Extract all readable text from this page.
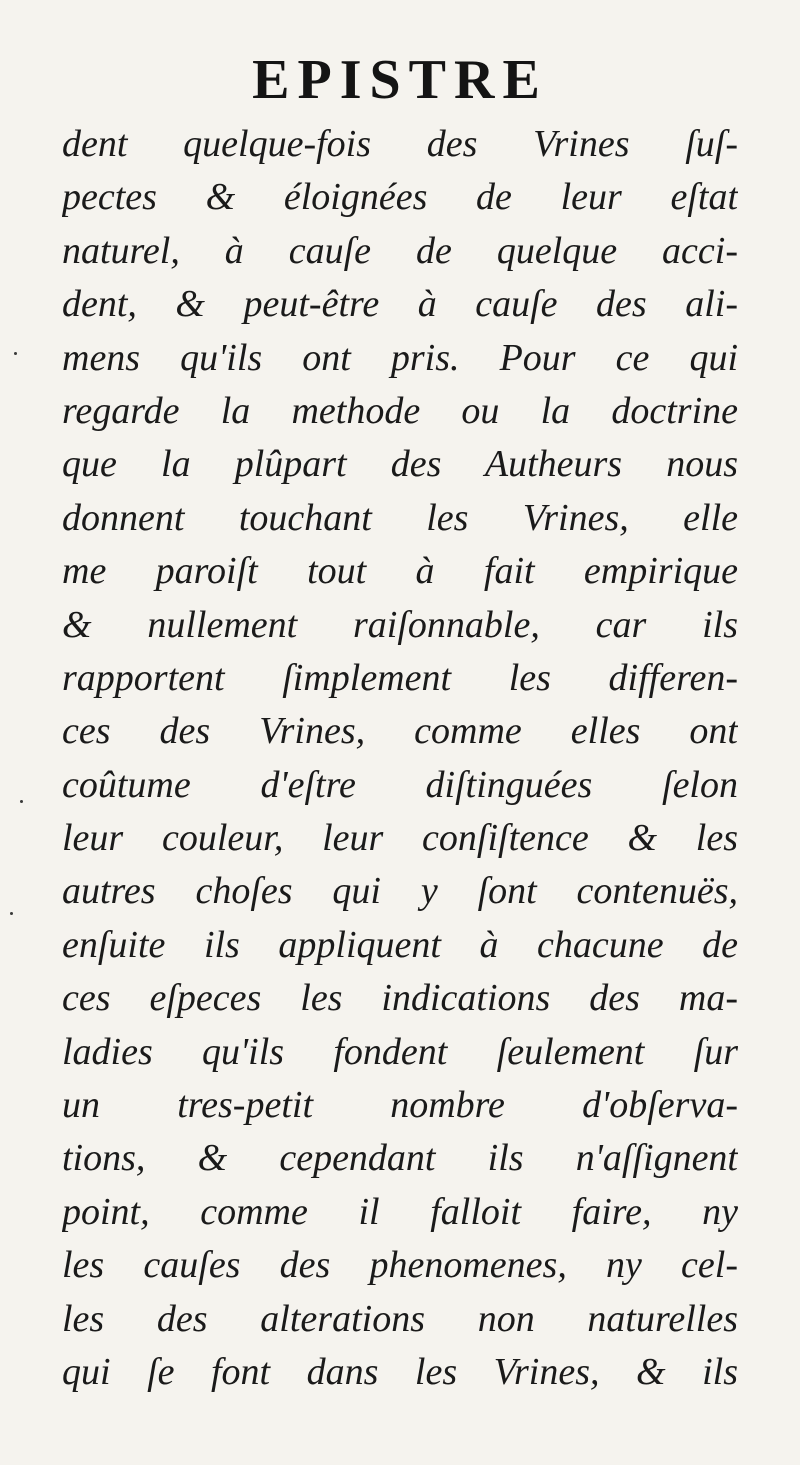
EPISTRE
dent quelque-fois des Vrines ſuſ-
pectes & éloignées de leur eſtat
naturel, à cauſe de quelque acci-
dent, & peut-être à cauſe des ali-
mens qu'ils ont pris. Pour ce qui
regarde la methode ou la doctrine
que la plûpart des Autheurs nous
donnent touchant les Vrines, elle
me paroiſt tout à fait empirique
& nullement raiſonnable, car ils
rapportent ſimplement les differen-
ces des Vrines, comme elles ont
coûtume d'eſtre diſtinguées ſelon
leur couleur, leur conſiſtence & les
autres choſes qui y ſont contenuës,
enſuite ils appliquent à chacune de
ces eſpeces les indications des ma-
ladies qu'ils fondent ſeulement ſur
un tres-petit nombre d'obſerva-
tions, & cependant ils n'aſſignent
point, comme il falloit faire, ny
les cauſes des phenomenes, ny cel-
les des alterations non naturelles
qui ſe font dans les Vrines, & ils
